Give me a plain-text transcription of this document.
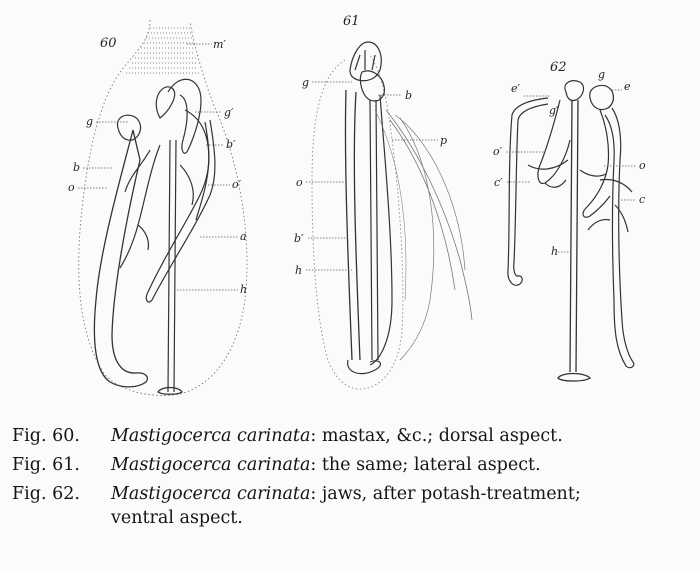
60	m′
g
g′
b′
b
o	o′
a
h
61
g
b
p
o
b′
h
62
e′
g
e
g′
o′
o
c′
c
h
Fig. 60. Mastigocerca carinata: mastax, &c.; dorsal aspect.
Fig. 61. Mastigocerca carinata: the same; lateral aspect.
Fig. 62. Mastigocerca carinata: jaws, after potash-treatment;
ventral aspect.
